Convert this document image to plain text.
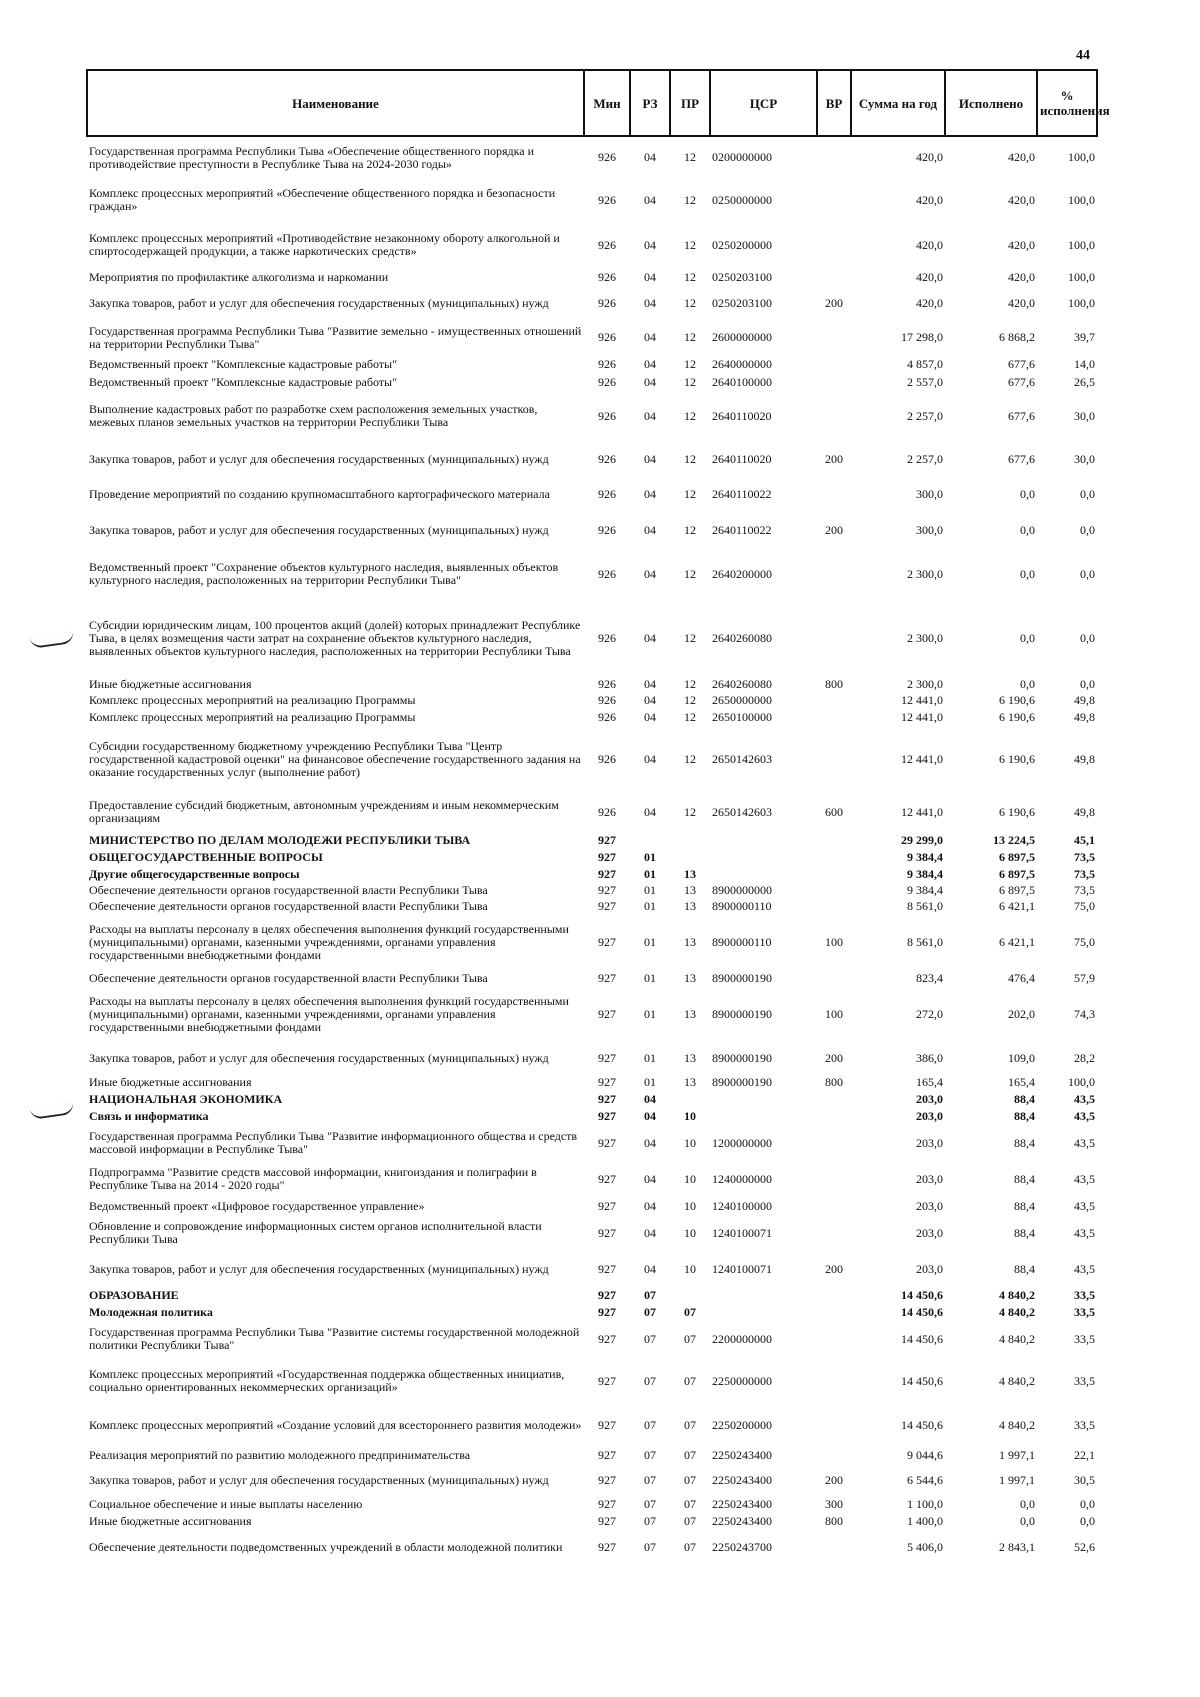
44
Наименование	Мин	РЗ	ПР	ЦСР	ВР	Сумма на год	Исполнено	% исполнения
Государственная программа Республики Тыва «Обеспечение общественного порядка и противодействие преступности в Республике Тыва на 2024-2030 годы»	926	04	12	0200000000		420,0	420,0	100,0
Комплекс процессных мероприятий «Обеспечение общественного порядка и безопасности граждан»	926	04	12	0250000000		420,0	420,0	100,0
Комплекс процессных мероприятий «Противодействие незаконному обороту алкогольной и спиртосодержащей продукции, а также наркотических средств»	926	04	12	0250200000		420,0	420,0	100,0
Мероприятия по профилактике алкоголизма и наркомании	926	04	12	0250203100		420,0	420,0	100,0
Закупка товаров, работ и услуг для обеспечения государственных (муниципальных) нужд	926	04	12	0250203100	200	420,0	420,0	100,0
Государственная программа Республики Тыва "Развитие земельно - имущественных отношений на территории Республики Тыва"	926	04	12	2600000000		17 298,0	6 868,2	39,7
Ведомственный проект "Комплексные кадастровые работы"	926	04	12	2640000000		4 857,0	677,6	14,0
Ведомственный проект "Комплексные кадастровые работы"	926	04	12	2640100000		2 557,0	677,6	26,5
Выполнение кадастровых работ по разработке схем расположения земельных участков, межевых планов земельных участков на территории Республики Тыва	926	04	12	2640110020		2 257,0	677,6	30,0
Закупка товаров, работ и услуг для обеспечения государственных (муниципальных) нужд	926	04	12	2640110020	200	2 257,0	677,6	30,0
Проведение мероприятий по созданию крупномасштабного картографического материала	926	04	12	2640110022		300,0	0,0	0,0
Закупка товаров, работ и услуг для обеспечения государственных (муниципальных) нужд	926	04	12	2640110022	200	300,0	0,0	0,0
Ведомственный проект "Сохранение объектов культурного наследия, выявленных объектов культурного наследия, расположенных на территории Республики Тыва"	926	04	12	2640200000		2 300,0	0,0	0,0
Субсидии юридическим лицам, 100 процентов акций (долей) которых принадлежит Республике Тыва, в целях возмещения части затрат на сохранение объектов культурного наследия, выявленных объектов культурного наследия, расположенных на территории Республики Тыва	926	04	12	2640260080		2 300,0	0,0	0,0
Иные бюджетные ассигнования	926	04	12	2640260080	800	2 300,0	0,0	0,0
Комплекс процессных мероприятий на реализацию Программы	926	04	12	2650000000		12 441,0	6 190,6	49,8
Комплекс процессных мероприятий на реализацию Программы	926	04	12	2650100000		12 441,0	6 190,6	49,8
Субсидии государственному бюджетному учреждению Республики Тыва "Центр государственной кадастровой оценки" на финансовое обеспечение государственного задания на оказание государственных услуг (выполнение работ)	926	04	12	2650142603		12 441,0	6 190,6	49,8
Предоставление субсидий бюджетным, автономным учреждениям и иным некоммерческим организациям	926	04	12	2650142603	600	12 441,0	6 190,6	49,8
МИНИСТЕРСТВО ПО ДЕЛАМ МОЛОДЕЖИ РЕСПУБЛИКИ ТЫВА	927					29 299,0	13 224,5	45,1
ОБЩЕГОСУДАРСТВЕННЫЕ ВОПРОСЫ	927	01				9 384,4	6 897,5	73,5
Другие общегосударственные вопросы	927	01	13			9 384,4	6 897,5	73,5
Обеспечение деятельности органов государственной власти Республики Тыва	927	01	13	8900000000		9 384,4	6 897,5	73,5
Обеспечение деятельности органов государственной власти Республики Тыва	927	01	13	8900000110		8 561,0	6 421,1	75,0
Расходы на выплаты персоналу в целях обеспечения выполнения функций государственными (муниципальными) органами, казенными учреждениями, органами управления государственными внебюджетными фондами	927	01	13	8900000110	100	8 561,0	6 421,1	75,0
Обеспечение деятельности органов государственной власти Республики Тыва	927	01	13	8900000190		823,4	476,4	57,9
Расходы на выплаты персоналу в целях обеспечения выполнения функций государственными (муниципальными) органами, казенными учреждениями, органами управления государственными внебюджетными фондами	927	01	13	8900000190	100	272,0	202,0	74,3
Закупка товаров, работ и услуг для обеспечения государственных (муниципальных) нужд	927	01	13	8900000190	200	386,0	109,0	28,2
Иные бюджетные ассигнования	927	01	13	8900000190	800	165,4	165,4	100,0
НАЦИОНАЛЬНАЯ ЭКОНОМИКА	927	04				203,0	88,4	43,5
Связь и информатика	927	04	10			203,0	88,4	43,5
Государственная программа Республики Тыва "Развитие информационного общества и средств массовой информации в Республике Тыва"	927	04	10	1200000000		203,0	88,4	43,5
Подпрограмма "Развитие средств массовой информации, книгоиздания и полиграфии в Республике Тыва на 2014 - 2020 годы"	927	04	10	1240000000		203,0	88,4	43,5
Ведомственный проект «Цифровое государственное управление»	927	04	10	1240100000		203,0	88,4	43,5
Обновление и сопровождение информационных систем органов исполнительной власти Республики Тыва	927	04	10	1240100071		203,0	88,4	43,5
Закупка товаров, работ и услуг для обеспечения государственных (муниципальных) нужд	927	04	10	1240100071	200	203,0	88,4	43,5
ОБРАЗОВАНИЕ	927	07				14 450,6	4 840,2	33,5
Молодежная политика	927	07	07			14 450,6	4 840,2	33,5
Государственная программа Республики Тыва "Развитие системы государственной молодежной политики Республики Тыва"	927	07	07	2200000000		14 450,6	4 840,2	33,5
Комплекс процессных мероприятий «Государственная поддержка общественных инициатив, социально ориентированных некоммерческих организаций»	927	07	07	2250000000		14 450,6	4 840,2	33,5
Комплекс процессных мероприятий «Создание условий для всестороннего развития молодежи»	927	07	07	2250200000		14 450,6	4 840,2	33,5
Реализация мероприятий по развитию молодежного предпринимательства	927	07	07	2250243400		9 044,6	1 997,1	22,1
Закупка товаров, работ и услуг для обеспечения государственных (муниципальных) нужд	927	07	07	2250243400	200	6 544,6	1 997,1	30,5
Социальное обеспечение и иные выплаты населению	927	07	07	2250243400	300	1 100,0	0,0	0,0
Иные бюджетные ассигнования	927	07	07	2250243400	800	1 400,0	0,0	0,0
Обеспечение деятельности подведомственных учреждений в области молодежной политики	927	07	07	2250243700		5 406,0	2 843,1	52,6
